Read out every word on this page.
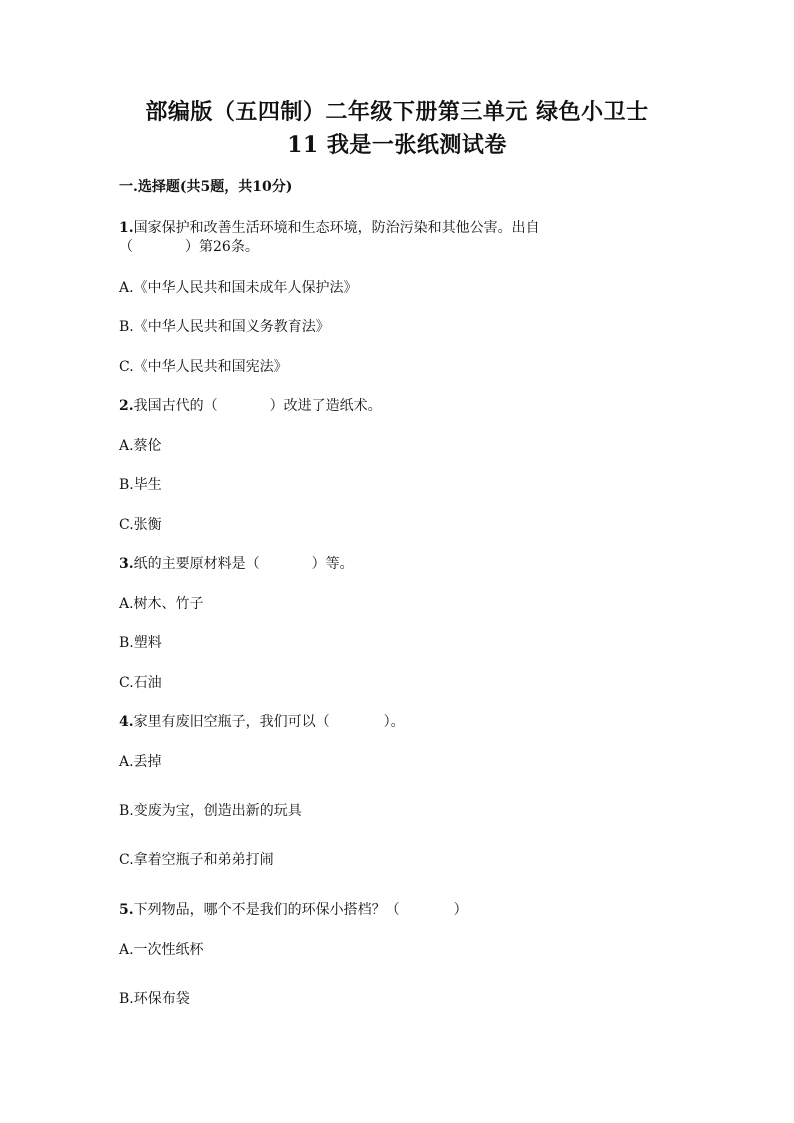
部编版（五四制）二年级下册第三单元 绿色小卫士
11 我是一张纸测试卷
一.选择题(共5题，共10分)
1.国家保护和改善生活环境和生态环境，防治污染和其他公害。出自
（	）第26条。
A.《中华人民共和国未成年人保护法》
B.《中华人民共和国义务教育法》
C.《中华人民共和国宪法》
2.我国古代的（	）改进了造纸术。
A.蔡伦
B.毕生
C.张衡
3.纸的主要原材料是（	）等。
A.树木、竹子
B.塑料
C.石油
4.家里有废旧空瓶子，我们可以（	）。
A.丢掉
B.变废为宝，创造出新的玩具
C.拿着空瓶子和弟弟打闹
5.下列物品，哪个不是我们的环保小搭档？（	）
A.一次性纸杯
B.环保布袋
